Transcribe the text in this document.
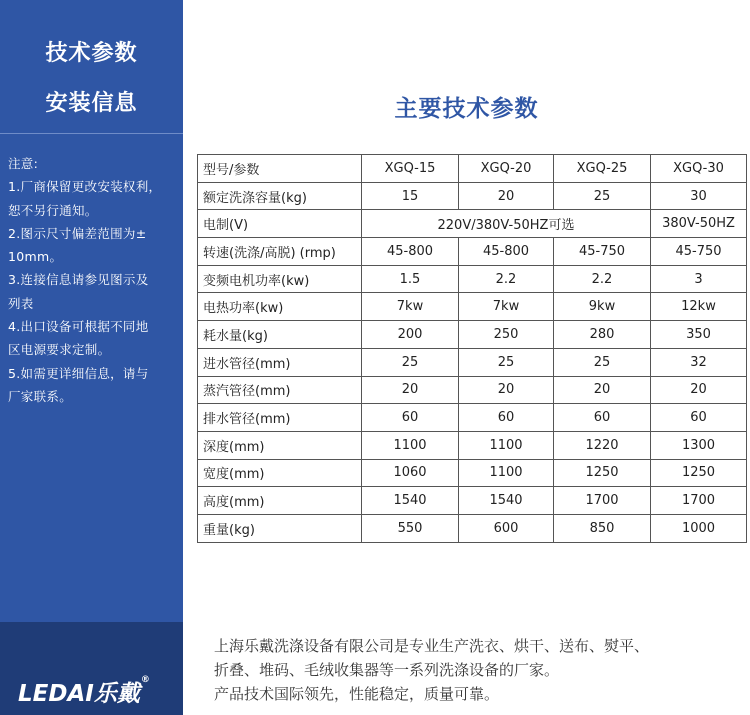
技术参数
安装信息
注意:
1.厂商保留更改安装权利，
恕不另行通知。
2.图示尺寸偏差范围为±
10mm。
3.连接信息请参见图示及
列表
4.出口设备可根据不同地
区电源要求定制。
5.如需更详细信息，请与
厂家联系。
主要技术参数
型号/参数	XGQ-15	XGQ-20	XGQ-25	XGQ-30
额定洗涤容量(kg)	15	20	25	30
电制(V)	220V/380V-50HZ可选			380V-50HZ
转速(洗涤/高脱) (rmp)	45-800	45-800	45-750	45-750
变频电机功率(kw)	1.5	2.2	2.2	3
电热功率(kw)	7kw	7kw	9kw	12kw
耗水量(kg)	200	250	280	350
进水管径(mm)	25	25	25	32
蒸汽管径(mm)	20	20	20	20
排水管径(mm)	60	60	60	60
深度(mm)	1100	1100	1220	1300
宽度(mm)	1060	1100	1250	1250
高度(mm)	1540	1540	1700	1700
重量(kg)	550	600	850	1000
LEDAI乐戴®
上海乐戴洗涤设备有限公司是专业生产洗衣、烘干、送布、熨平、
折叠、堆码、毛绒收集器等一系列洗涤设备的厂家。
产品技术国际领先，性能稳定，质量可靠。
